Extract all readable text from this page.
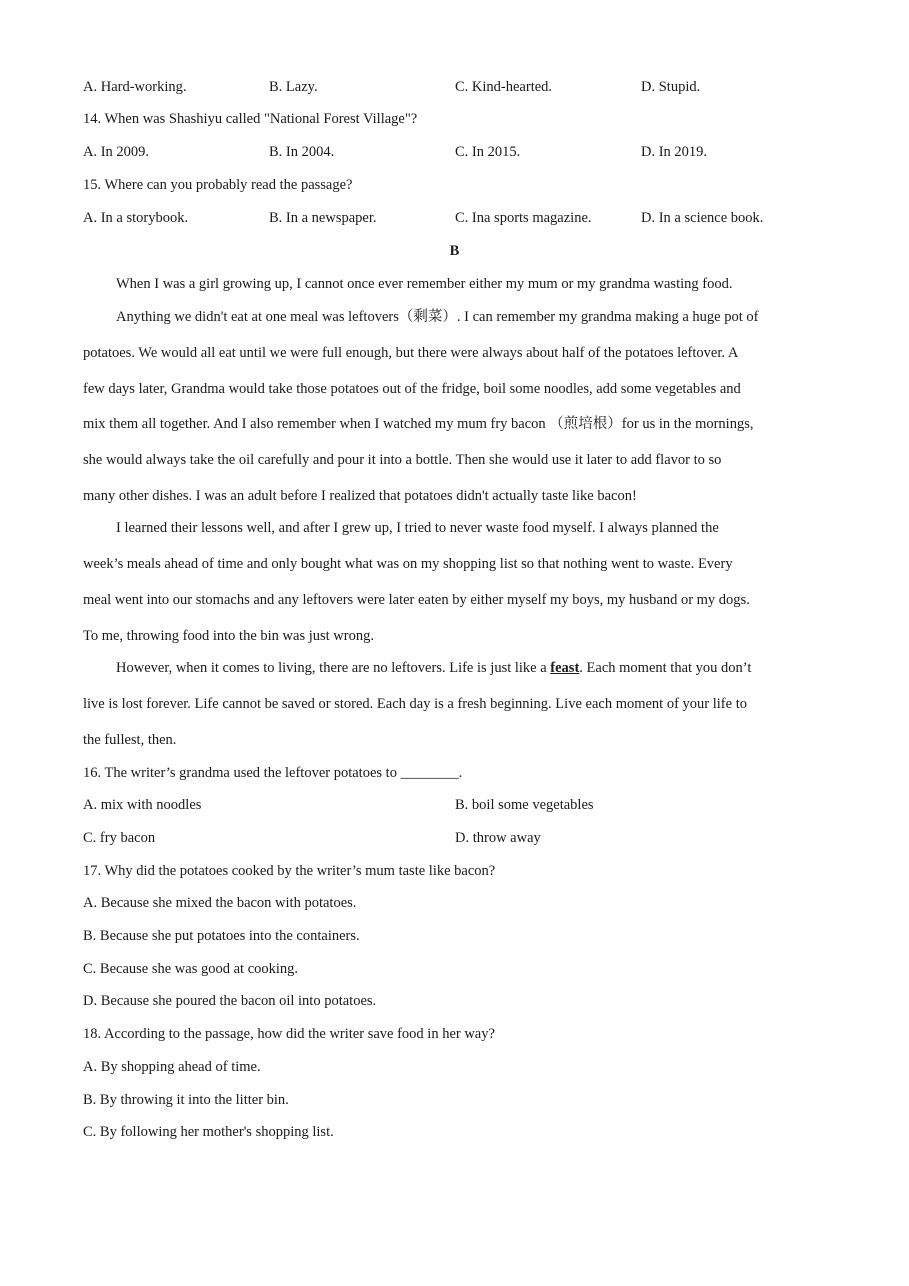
A. Hard-working.	B. Lazy.	C. Kind-hearted.	D. Stupid.
14. When was Shashiyu called "National Forest Village"?
A. In 2009.	B. In 2004.	C. In 2015.	D. In 2019.
15. Where can you probably read the passage?
A. In a storybook.	B. In a newspaper.	C. Ina sports magazine.	D. In a science book.
B
When I was a girl growing up, I cannot once ever remember either my mum or my grandma wasting food.
Anything we didn't eat at one meal was leftovers（剩菜）. I can remember my grandma making a huge pot of
potatoes. We would all eat until we were full enough, but there were always about half of the potatoes leftover. A
few days later, Grandma would take those potatoes out of the fridge, boil some noodles, add some vegetables and
mix them all together. And I also remember when I watched my mum fry bacon （煎培根）for us in the mornings,
she would always take the oil carefully and pour it into a bottle. Then she would use it later to add flavor to so
many other dishes. I was an adult before I realized that potatoes didn't actually taste like bacon!
I learned their lessons well, and after I grew up, I tried to never waste food myself. I always planned the
week’s meals ahead of time and only bought what was on my shopping list so that nothing went to waste. Every
meal went into our stomachs and any leftovers were later eaten by either myself my boys, my husband or my dogs.
To me, throwing food into the bin was just wrong.
However, when it comes to living, there are no leftovers. Life is just like a feast. Each moment that you don’t
live is lost forever. Life cannot be saved or stored. Each day is a fresh beginning. Live each moment of your life to
the fullest, then.
16. The writer’s grandma used the leftover potatoes to ________.
A. mix with noodles	B. boil some vegetables
C. fry bacon	D. throw away
17. Why did the potatoes cooked by the writer’s mum taste like bacon?
A. Because she mixed the bacon with potatoes.
B. Because she put potatoes into the containers.
C. Because she was good at cooking.
D. Because she poured the bacon oil into potatoes.
18. According to the passage, how did the writer save food in her way?
A. By shopping ahead of time.
B. By throwing it into the litter bin.
C. By following her mother's shopping list.
